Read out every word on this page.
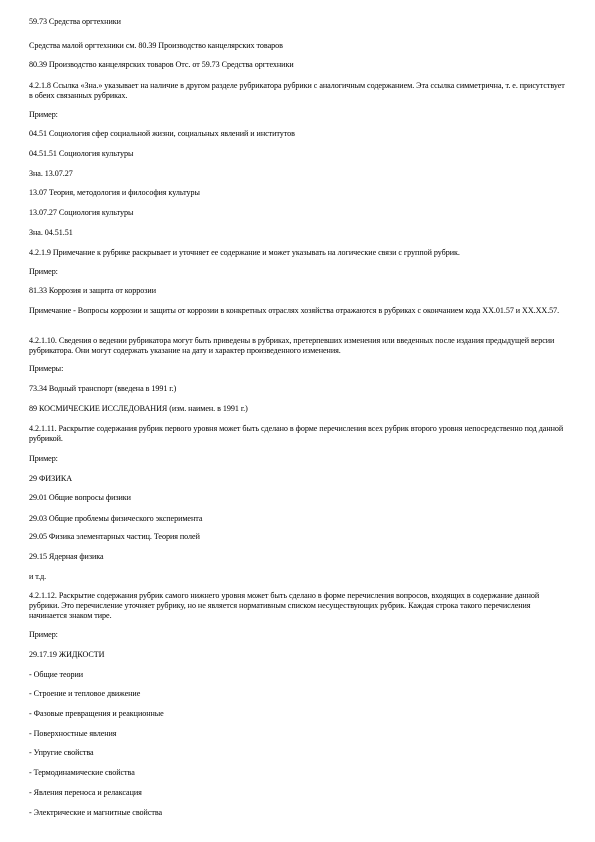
59.73 Средства оргтехники
Средства малой оргтехники см. 80.39 Производство канцелярских товаров
80.39 Производство канцелярских товаров Отс. от 59.73 Средства оргтехники
4.2.1.8 Ссылка «Зна.» указывает на наличие в другом разделе рубрикатора рубрики с аналогичным содержанием. Эта ссылка симметрична, т. е. присутствует в обеих связанных рубриках.
Пример:
04.51 Социология сфер социальной жизни, социальных явлений и институтов
04.51.51 Социология культуры
Зна. 13.07.27
13.07 Теория, методология и философия культуры
13.07.27 Социология культуры
Зна. 04.51.51
4.2.1.9 Примечание к рубрике раскрывает и уточняет ее содержание и может указывать на логические связи с группой рубрик.
Пример:
81.33 Коррозия и защита от коррозии
Примечание - Вопросы коррозии и защиты от коррозии в конкретных отраслях хозяйства отражаются в рубриках с окончанием кода XX.01.57 и XX.XX.57.
4.2.1.10. Сведения о ведении рубрикатора могут быть приведены в рубриках, претерпевших изменения или введенных после издания предыдущей версии рубрикатора. Они могут содержать указание на дату и характер произведенного изменения.
Примеры:
73.34 Водный транспорт (введена в 1991 г.)
89 КОСМИЧЕСКИЕ ИССЛЕДОВАНИЯ (изм. наимен. в 1991 г.)
4.2.1.11. Раскрытие содержания рубрик первого уровня может быть сделано в форме перечисления всех рубрик второго уровня непосредственно под данной рубрикой.
Пример:
29 ФИЗИКА
29.01 Общие вопросы физики
29.03 Общие проблемы физического эксперимента
29.05 Физика элементарных частиц. Теория полей
29.15 Ядерная физика
и т.д.
4.2.1.12. Раскрытие содержания рубрик самого нижнего уровня может быть сделано в форме перечисления вопросов, входящих в содержание данной рубрики. Это перечисление уточняет рубрику, но не является нормативным списком несуществующих рубрик. Каждая строка такого перечисления начинается знаком тире.
Пример:
29.17.19 ЖИДКОСТИ
- Общие теории
- Строение и тепловое движение
- Фазовые превращения и реакционные
- Поверхностные явления
- Упругие свойства
- Термодинамические свойства
- Явления переноса и релаксация
- Электрические и магнитные свойства
